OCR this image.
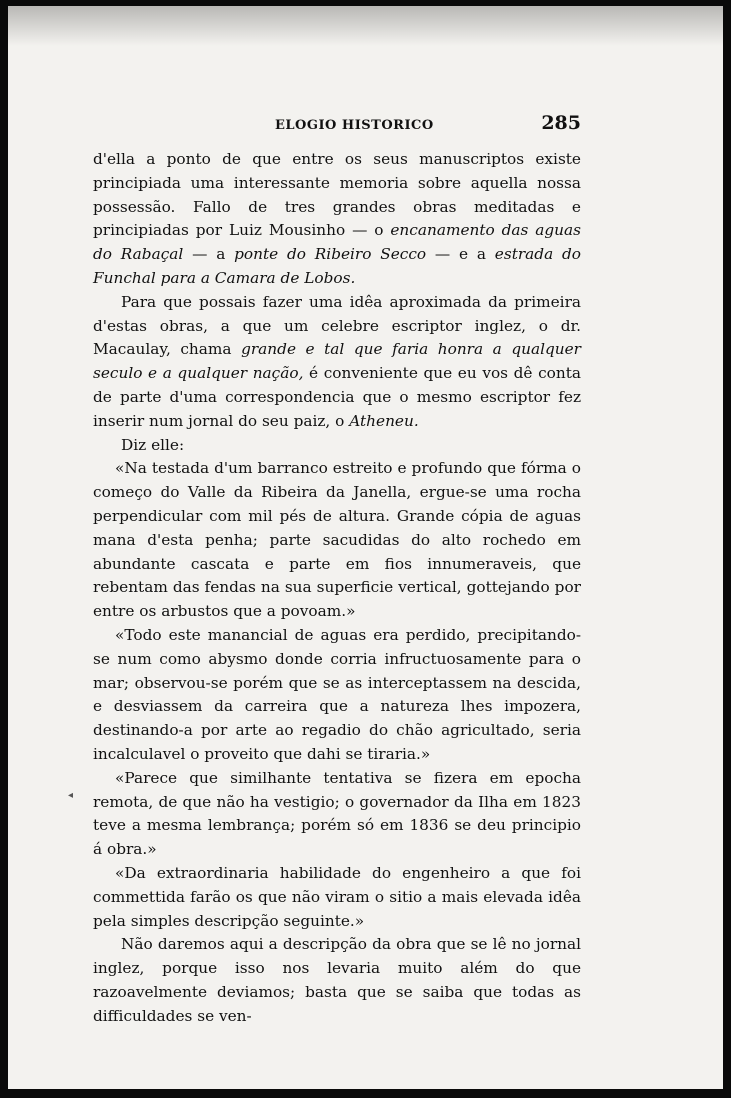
◂
ELOGIO HISTORICO	285

d'ella a ponto de que entre os seus manuscriptos existe principiada uma interessante memoria sobre aquella nossa possessão. Fallo de tres grandes obras meditadas e principiadas por Luiz Mousinho — o encanamento das aguas do Rabaçal — a ponte do Ribeiro Secco — e a estrada do Funchal para a Camara de Lobos.

Para que possais fazer uma idêa aproximada da primeira d'estas obras, a que um celebre escriptor inglez, o dr. Macaulay, chama grande e tal que faria honra a qualquer seculo e a qualquer nação, é conveniente que eu vos dê conta de parte d'uma correspondencia que o mesmo escriptor fez inserir num jornal do seu paiz, o Atheneu.

Diz elle:

«Na testada d'um barranco estreito e profundo que fórma o começo do Valle da Ribeira da Janella, ergue-se uma rocha perpendicular com mil pés de altura. Grande cópia de aguas mana d'esta penha; parte sacudidas do alto rochedo em abundante cascata e parte em fios innumeraveis, que rebentam das fendas na sua superficie vertical, gottejando por entre os arbustos que a povoam.»

«Todo este manancial de aguas era perdido, precipitando-se num como abysmo donde corria infructuosamente para o mar; observou-se porém que se as interceptassem na descida, e desviassem da carreira que a natureza lhes impozera, destinando-a por arte ao regadio do chão agricultado, seria incalculavel o proveito que dahi se tiraria.»

«Parece que similhante tentativa se fizera em epocha remota, de que não ha vestigio; o governador da Ilha em 1823 teve a mesma lembrança; porém só em 1836 se deu principio á obra.»

«Da extraordinaria habilidade do engenheiro a que foi commettida farão os que não viram o sitio a mais elevada idêa pela simples descripção seguinte.»

Não daremos aqui a descripção da obra que se lê no jornal inglez, porque isso nos levaria muito além do que razoavelmente deviamos; basta que se saiba que todas as difficuldades se ven-
